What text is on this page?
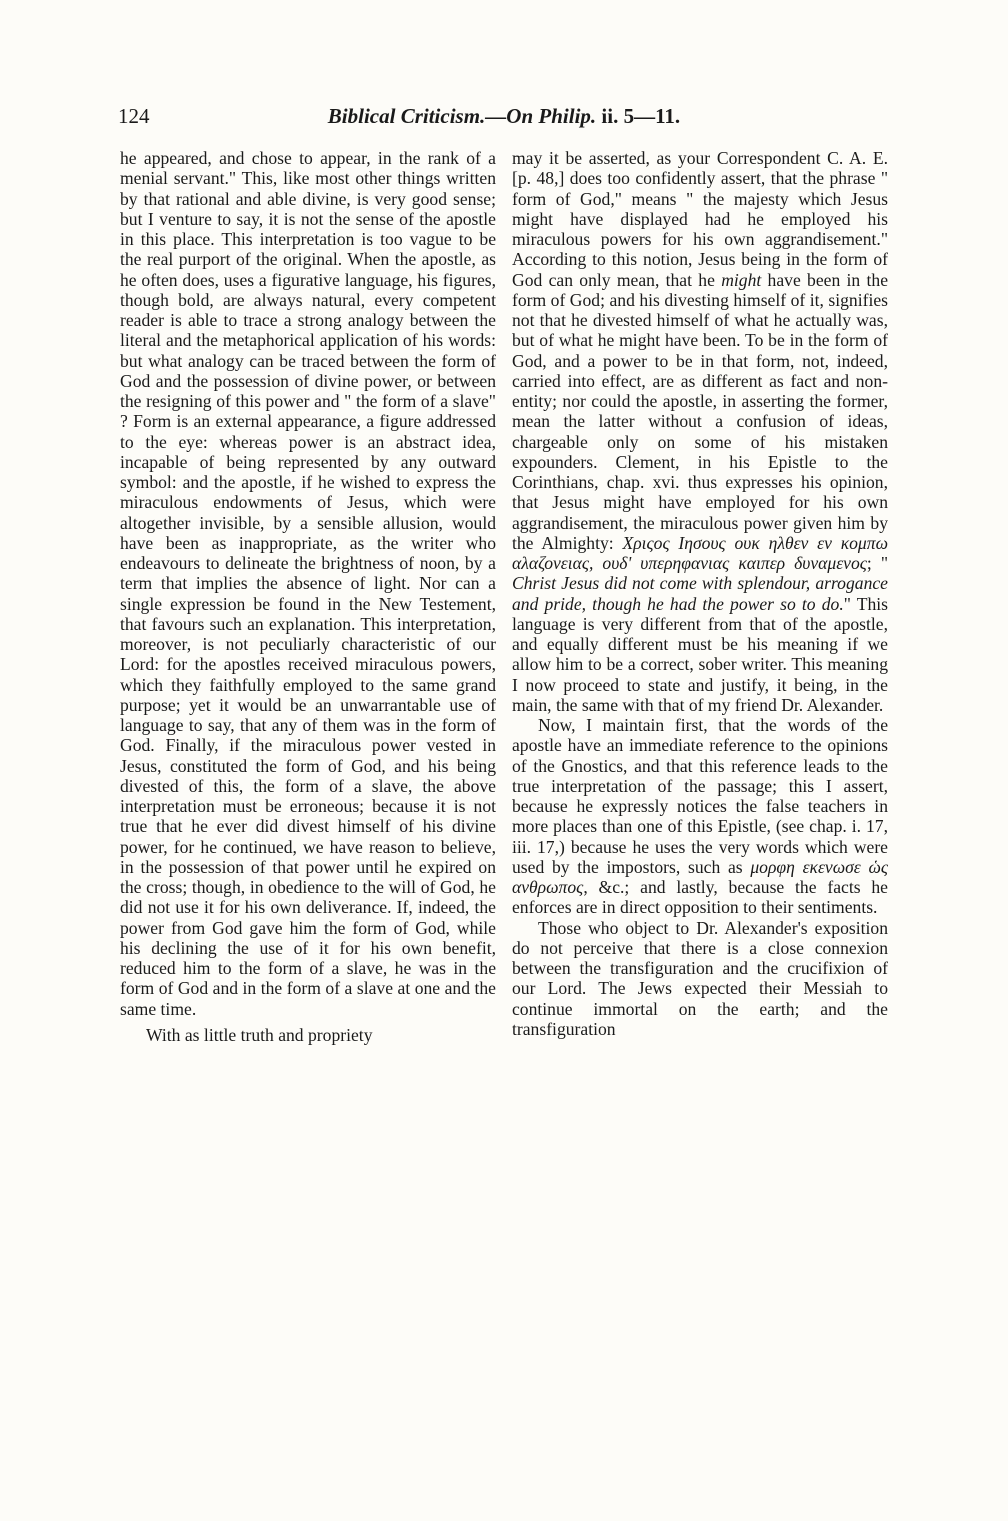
124	Biblical Criticism.—On Philip. ii. 5—11.

he appeared, and chose to appear, in the rank of a menial servant." This, like most other things written by that rational and able divine, is very good sense; but I venture to say, it is not the sense of the apostle in this place. This interpretation is too vague to be the real purport of the original. When the apostle, as he often does, uses a figurative language, his figures, though bold, are always natural, every competent reader is able to trace a strong analogy between the literal and the metaphorical application of his words: but what analogy can be traced between the form of God and the possession of divine power, or between the resigning of this power and " the form of a slave" ? Form is an external appearance, a figure addressed to the eye: whereas power is an abstract idea, incapable of being represented by any outward symbol: and the apostle, if he wished to express the miraculous endowments of Jesus, which were altogether invisible, by a sensible allusion, would have been as inappropriate, as the writer who endeavours to delineate the brightness of noon, by a term that implies the absence of light. Nor can a single expression be found in the New Testement, that favours such an explanation. This interpretation, moreover, is not peculiarly characteristic of our Lord: for the apostles received miraculous powers, which they faithfully employed to the same grand purpose; yet it would be an unwarrantable use of language to say, that any of them was in the form of God. Finally, if the miraculous power vested in Jesus, constituted the form of God, and his being divested of this, the form of a slave, the above interpretation must be erroneous; because it is not true that he ever did divest himself of his divine power, for he continued, we have reason to believe, in the possession of that power until he expired on the cross; though, in obedience to the will of God, he did not use it for his own deliverance. If, indeed, the power from God gave him the form of God, while his declining the use of it for his own benefit, reduced him to the form of a slave, he was in the form of God and in the form of a slave at one and the same time.

With as little truth and propriety

may it be asserted, as your Correspondent C. A. E. [p. 48,] does too confidently assert, that the phrase " form of God," means " the majesty which Jesus might have displayed had he employed his miraculous powers for his own aggrandisement." According to this notion, Jesus being in the form of God can only mean, that he might have been in the form of God; and his divesting himself of it, signifies not that he divested himself of what he actually was, but of what he might have been. To be in the form of God, and a power to be in that form, not, indeed, carried into effect, are as different as fact and non-entity; nor could the apostle, in asserting the former, mean the latter without a confusion of ideas, chargeable only on some of his mistaken expounders. Clement, in his Epistle to the Corinthians, chap. xvi. thus expresses his opinion, that Jesus might have employed for his own aggrandisement, the miraculous power given him by the Almighty: Χριςος Ιησους ουκ ηλθεν εν κομπω αλαζονειας, ουδ' υπερηφανιας καιπερ δυναμενος; " Christ Jesus did not come with splendour, arrogance and pride, though he had the power so to do." This language is very different from that of the apostle, and equally different must be his meaning if we allow him to be a correct, sober writer. This meaning I now proceed to state and justify, it being, in the main, the same with that of my friend Dr. Alexander.

Now, I maintain first, that the words of the apostle have an immediate reference to the opinions of the Gnostics, and that this reference leads to the true interpretation of the passage; this I assert, because he expressly notices the false teachers in more places than one of this Epistle, (see chap. i. 17, iii. 17,) because he uses the very words which were used by the impostors, such as μορφη εκενωσε ὡς ανθρωπος, &c.; and lastly, because the facts he enforces are in direct opposition to their sentiments.

Those who object to Dr. Alexander's exposition do not perceive that there is a close connexion between the transfiguration and the crucifixion of our Lord. The Jews expected their Messiah to continue immortal on the earth; and the transfiguration
